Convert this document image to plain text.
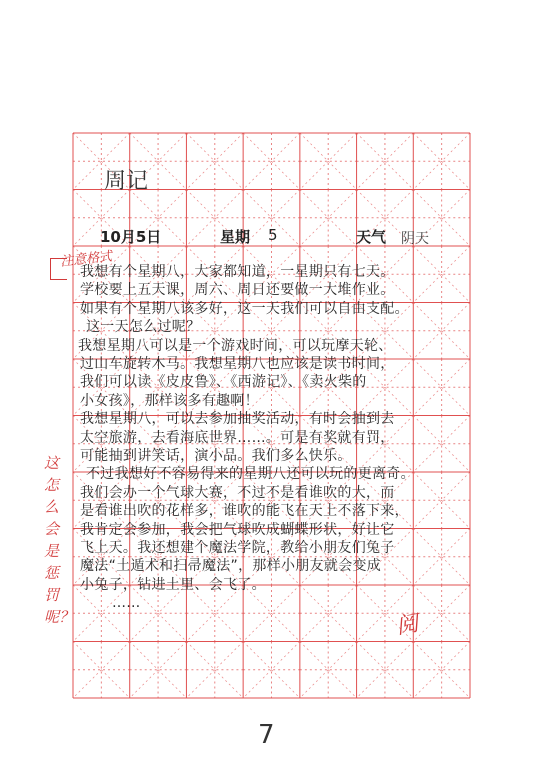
周记
10月5日	星期 5	天气 阴天
我想有个星期八，大家都知道，一星期只有七天。
学校要上五天课，周六、周日还要做一大堆作业。
如果有个星期八该多好，这一天我们可以自由支配。
这一天怎么过呢？
我想星期八可以是一个游戏时间，可以玩摩天轮、
过山车旋转木马。我想星期八也应该是读书时间，
我们可以读《皮皮鲁》、《西游记》、《卖火柴的
小女孩》，那样该多有趣啊！
我想星期八，可以去参加抽奖活动，有时会抽到去
太空旅游，去看海底世界……。可是有奖就有罚，
可能抽到讲笑话，演小品。我们多么快乐。
不过我想好不容易得来的星期八还可以玩的更离奇。
我们会办一个气球大赛，不过不是看谁吹的大，而
是看谁出吹的花样多，谁吹的能飞在天上不落下来，
我肯定会参加，我会把气球吹成蝴蝶形状，好让它
飞上天。我还想建个魔法学院，教给小朋友们兔子
魔法“土遁术和扫帚魔法”，那样小朋友就会变成
小兔子，钻进土里、会飞了。
……
注意格式
这怎么会是惩罚呢？	阅
7
